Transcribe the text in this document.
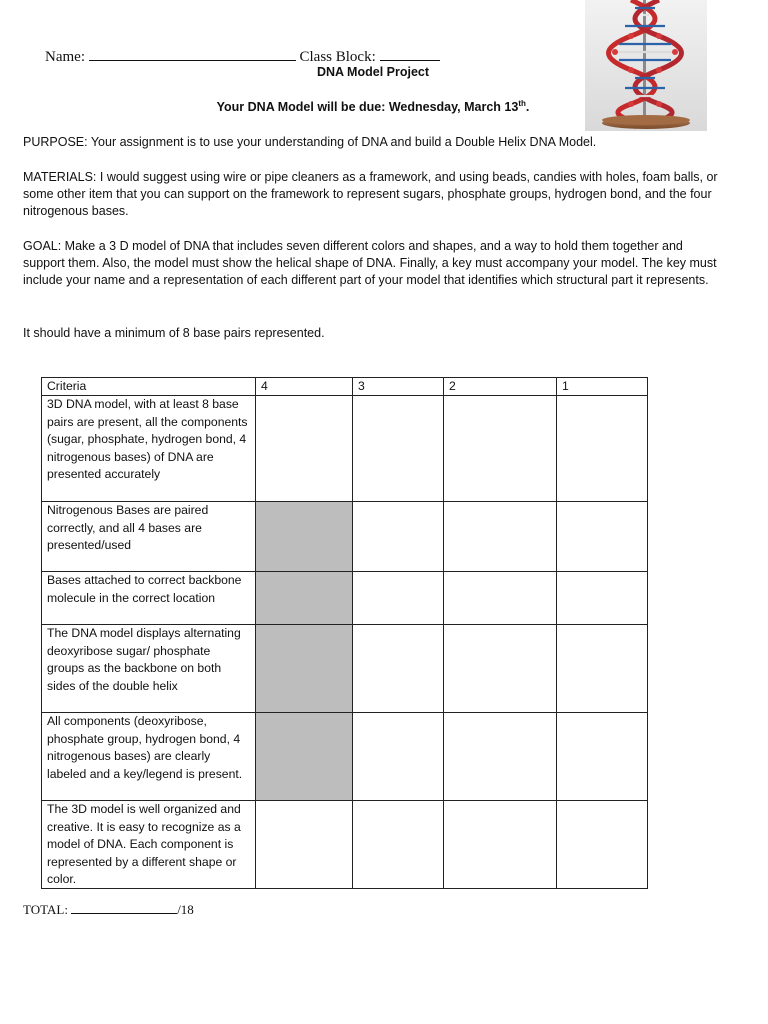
Name:	Class Block:
DNA Model Project
Your DNA Model will be due: Wednesday, March 13th.
PURPOSE: Your assignment is to use your understanding of DNA and build a Double Helix DNA Model.
MATERIALS: I would suggest using wire or pipe cleaners as a framework, and using beads, candies with holes, foam balls, or some other item that you can support on the framework to represent sugars, phosphate groups, hydrogen bond, and the four nitrogenous bases.
GOAL: Make a 3 D model of DNA that includes seven different colors and shapes, and a way to hold them together and support them. Also, the model must show the helical shape of DNA. Finally, a key must accompany your model. The key must include your name and a representation of each different part of your model that identifies which structural part it represents.
It should have a minimum of 8 base pairs represented.
Criteria	4	3	2	1
3D DNA model, with at least 8 base pairs are present, all the components (sugar, phosphate, hydrogen bond, 4 nitrogenous bases) of DNA are presented accurately				
Nitrogenous Bases are paired correctly, and all 4 bases are presented/used				
Bases attached to correct backbone molecule in the correct location				
The DNA model displays alternating deoxyribose sugar/ phosphate groups as the backbone on both sides of the double helix				
All components (deoxyribose, phosphate group, hydrogen bond, 4 nitrogenous bases) are clearly labeled and a key/legend is present.				
The 3D model is well organized and creative. It is easy to recognize as a model of DNA. Each component is represented by a different shape or color.				
TOTAL:	/18
